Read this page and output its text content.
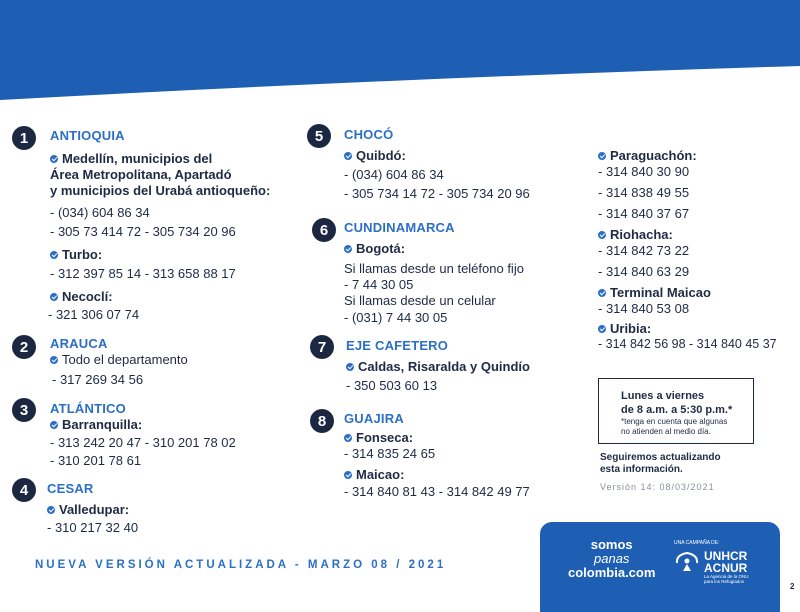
1	ANTIOQUIA
Medellín, municipios del
Área Metropolitana, Apartadó
y municipios del Urabá antioqueño:
- (034) 604 86 34
- 305 73 414 72 - 305 734 20 96
Turbo:
- 312 397 85 14 - 313 658 88 17
Necoclí:
- 321 306 07 74
2	ARAUCA
Todo el departamento
- 317 269 34 56
3	ATLÁNTICO
Barranquilla:
- 313 242 20 47 - 310 201 78 02
- 310 201 78 61
4	CESAR
Valledupar:
- 310 217 32 40
5	CHOCÓ
Quibdó:
- (034) 604 86 34
- 305 734 14 72 - 305 734 20 96
6	CUNDINAMARCA
Bogotá:
Si llamas desde un teléfono fijo
- 7 44 30 05
Si llamas desde un celular
- (031) 7 44 30 05
7	EJE CAFETERO
Caldas, Risaralda y Quindío
- 350 503 60 13
8	GUAJIRA
Fonseca:
- 314 835 24 65
Maicao:
- 314 840 81 43 - 314 842 49 77
Paraguachón:
- 314 840 30 90
- 314 838 49 55
- 314 840 37 67
Riohacha:
- 314 842 73 22
- 314 840 63 29
Terminal Maicao
- 314 840 53 08
Uribia:
- 314 842 56 98 - 314 840 45 37
Lunes a viernes
de 8 a.m. a 5:30 p.m.*
*tenga en cuenta que algunas
no atienden al medio día.
Seguiremos actualizando
esta información.
Versión 14: 08/03/2021
NUEVA VERSIÓN ACTUALIZADA - MARZO 08 / 2021
somos
panas
colombia.com
UNA CAMPAÑA DE:
UNHCR
ACNUR
La Agencia de la ONU para los Refugiados
2
